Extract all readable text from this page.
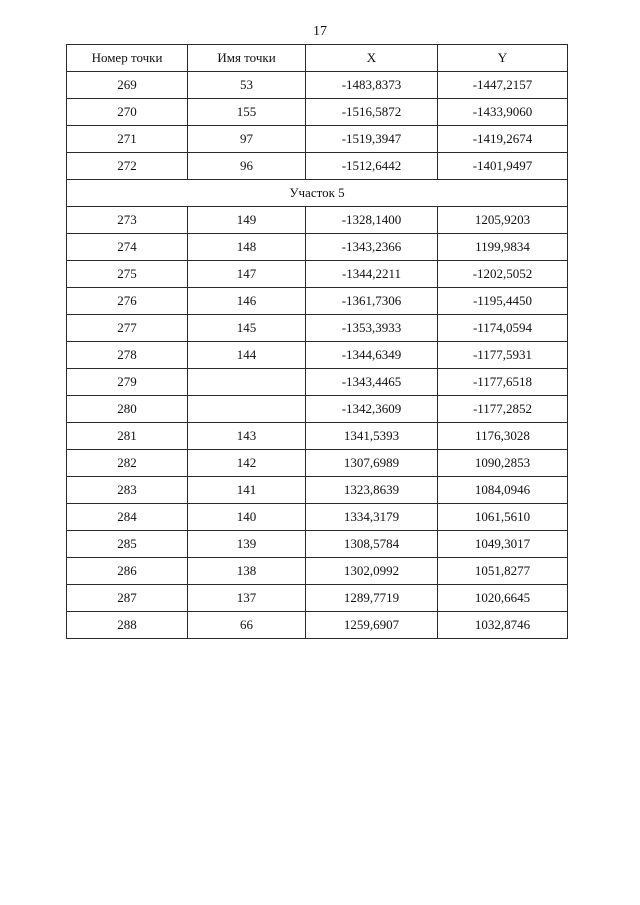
17
Номер точки	Имя точки	X	Y
269	53	-1483,8373	-1447,2157
270	155	-1516,5872	-1433,9060
271	97	-1519,3947	-1419,2674
272	96	-1512,6442	-1401,9497
Участок 5			
273	149	-1328,1400	1205,9203
274	148	-1343,2366	1199,9834
275	147	-1344,2211	-1202,5052
276	146	-1361,7306	-1195,4450
277	145	-1353,3933	-1174,0594
278	144	-1344,6349	-1177,5931
279		-1343,4465	-1177,6518
280		-1342,3609	-1177,2852
281	143	1341,5393	1176,3028
282	142	1307,6989	1090,2853
283	141	1323,8639	1084,0946
284	140	1334,3179	1061,5610
285	139	1308,5784	1049,3017
286	138	1302,0992	1051,8277
287	137	1289,7719	1020,6645
288	66	1259,6907	1032,8746
